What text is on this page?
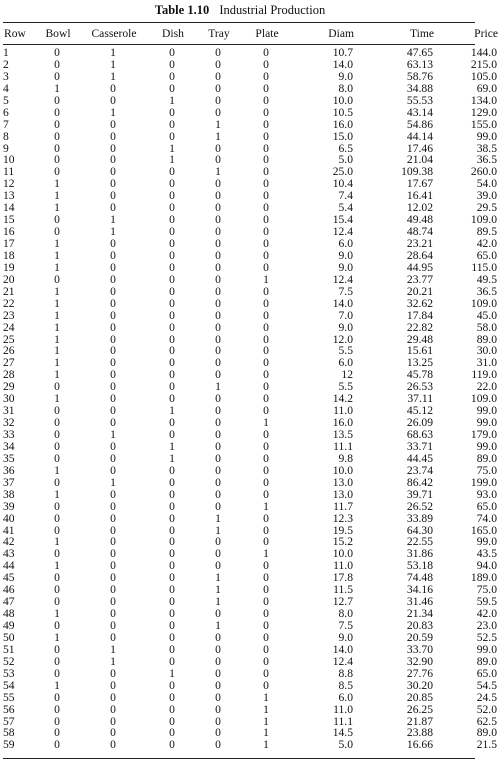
Table 1.10 Industrial Production
Row	Bowl	Casserole	Dish	Tray	Plate	Diam	Time	Price
1	0	1	0	0	0	10.7	47.65	144.0
2	0	1	0	0	0	14.0	63.13	215.0
3	0	1	0	0	0	9.0	58.76	105.0
4	1	0	0	0	0	8.0	34.88	69.0
5	0	0	1	0	0	10.0	55.53	134.0
6	0	1	0	0	0	10.5	43.14	129.0
7	0	0	0	1	0	16.0	54.86	155.0
8	0	0	0	1	0	15.0	44.14	99.0
9	0	0	1	0	0	6.5	17.46	38.5
10	0	0	1	0	0	5.0	21.04	36.5
11	0	0	0	1	0	25.0	109.38	260.0
12	1	0	0	0	0	10.4	17.67	54.0
13	1	0	0	0	0	7.4	16.41	39.0
14	1	0	0	0	0	5.4	12.02	29.5
15	0	1	0	0	0	15.4	49.48	109.0
16	0	1	0	0	0	12.4	48.74	89.5
17	1	0	0	0	0	6.0	23.21	42.0
18	1	0	0	0	0	9.0	28.64	65.0
19	1	0	0	0	0	9.0	44.95	115.0
20	0	0	0	0	1	12.4	23.77	49.5
21	1	0	0	0	0	7.5	20.21	36.5
22	1	0	0	0	0	14.0	32.62	109.0
23	1	0	0	0	0	7.0	17.84	45.0
24	1	0	0	0	0	9.0	22.82	58.0
25	1	0	0	0	0	12.0	29.48	89.0
26	1	0	0	0	0	5.5	15.61	30.0
27	1	0	0	0	0	6.0	13.25	31.0
28	1	0	0	0	0	12	45.78	119.0
29	0	0	0	1	0	5.5	26.53	22.0
30	1	0	0	0	0	14.2	37.11	109.0
31	0	0	1	0	0	11.0	45.12	99.0
32	0	0	0	0	1	16.0	26.09	99.0
33	0	1	0	0	0	13.5	68.63	179.0
34	0	0	1	0	0	11.1	33.71	99.0
35	0	0	1	0	0	9.8	44.45	89.0
36	1	0	0	0	0	10.0	23.74	75.0
37	0	1	0	0	0	13.0	86.42	199.0
38	1	0	0	0	0	13.0	39.71	93.0
39	0	0	0	0	1	11.7	26.52	65.0
40	0	0	0	1	0	12.3	33.89	74.0
41	0	0	0	1	0	19.5	64.30	165.0
42	1	0	0	0	0	15.2	22.55	99.0
43	0	0	0	0	1	10.0	31.86	43.5
44	1	0	0	0	0	11.0	53.18	94.0
45	0	0	0	1	0	17.8	74.48	189.0
46	0	0	0	1	0	11.5	34.16	75.0
47	0	0	0	1	0	12.7	31.46	59.5
48	1	0	0	0	0	8.0	21.34	42.0
49	0	0	0	1	0	7.5	20.83	23.0
50	1	0	0	0	0	9.0	20.59	52.5
51	0	1	0	0	0	14.0	33.70	99.0
52	0	1	0	0	0	12.4	32.90	89.0
53	0	0	1	0	0	8.8	27.76	65.0
54	1	0	0	0	0	8.5	30.20	54.5
55	0	0	0	0	1	6.0	20.85	24.5
56	0	0	0	0	1	11.0	26.25	52.0
57	0	0	0	0	1	11.1	21.87	62.5
58	0	0	0	0	1	14.5	23.88	89.0
59	0	0	0	0	1	5.0	16.66	21.5
